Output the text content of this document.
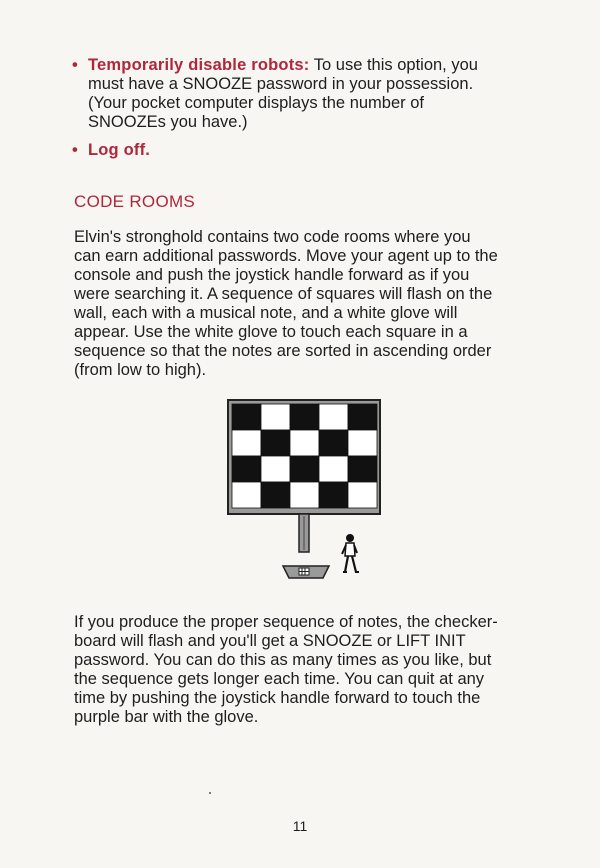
• Temporarily disable robots: To use this option, you
must have a SNOOZE password in your possession.
(Your pocket computer displays the number of
SNOOZEs you have.)
• Log off.
CODE ROOMS
Elvin's stronghold contains two code rooms where you
can earn additional passwords. Move your agent up to the
console and push the joystick handle forward as if you
were searching it. A sequence of squares will flash on the
wall, each with a musical note, and a white glove will
appear. Use the white glove to touch each square in a
sequence so that the notes are sorted in ascending order
(from low to high).
If you produce the proper sequence of notes, the checker-
board will flash and you'll get a SNOOZE or LIFT INIT
password. You can do this as many times as you like, but
the sequence gets longer each time. You can quit at any
time by pushing the joystick handle forward to touch the
purple bar with the glove.
11
